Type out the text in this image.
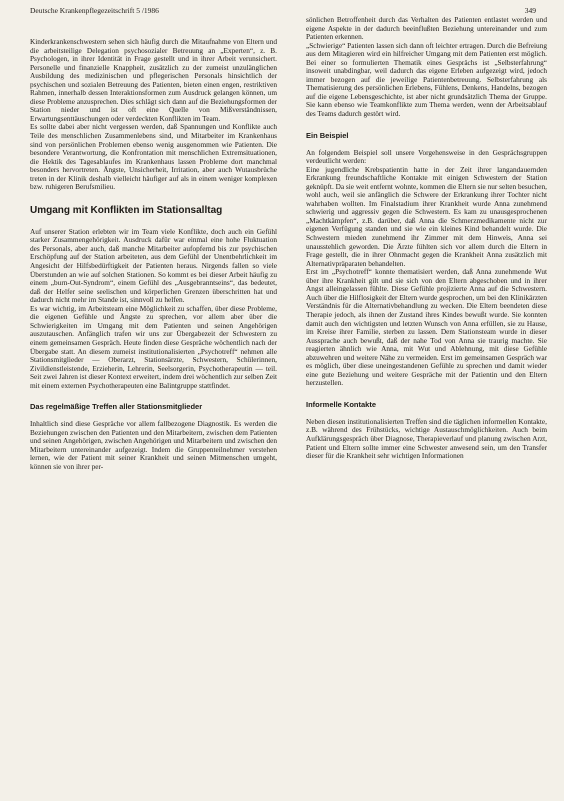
Deutsche Krankenpflegezeitschrift 5 /1986	349

Kinderkrankenschwestern sehen sich häufig durch die Mitaufnahme von Eltern und die arbeitsteilige Delegation psychosozialer Betreuung an „Experten“, z. B. Psychologen, in ihrer Identität in Frage gestellt und in ihrer Arbeit verunsichert. Personelle und finanzielle Knappheit, zusätzlich zu der zumeist unzulänglichen Ausbildung des medizinischen und pflegerischen Personals hinsichtlich der psychischen und sozialen Betreuung des Patienten, bieten einen engen, restriktiven Rahmen, innerhalb dessen Interaktionsformen zum Ausdruck gelangen können, um diese Probleme anzusprechen. Dies schlägt sich dann auf die Beziehungsformen der Station nieder und ist oft eine Quelle von Mißverständnissen, Erwartungsenttäuschungen oder verdeckten Konflikten im Team.

Es sollte dabei aber nicht vergessen werden, daß Spannungen und Konflikte auch Teile des menschlichen Zusammenlebens sind, und Mitarbeiter im Krankenhaus sind von persönlichen Problemen ebenso wenig ausgenommen wie Patienten. Die besondere Verantwortung, die Konfrontation mit menschlichen Extremsituationen, die Hektik des Tagesablaufes im Krankenhaus lassen Probleme dort manchmal besonders hervortreten. Ängste, Unsicherheit, Irritation, aber auch Wutausbrüche treten in der Klinik deshalb vielleicht häufiger auf als in einem weniger komplexen bzw. ruhigeren Berufsmilieu.

Umgang mit Konflikten im Stationsalltag

Auf unserer Station erlebten wir im Team viele Konflikte, doch auch ein Gefühl starker Zusammengehörigkeit. Ausdruck dafür war einmal eine hohe Fluktuation des Personals, aber auch, daß manche Mitarbeiter aufopfernd bis zur psychischen Erschöpfung auf der Station arbeiteten, aus dem Gefühl der Unentbehrlichkeit im Angesicht der Hilfsbedürftigkeit der Patienten heraus. Nirgends fallen so viele Überstunden an wie auf solchen Stationen. So kommt es bei dieser Arbeit häufig zu einem „burn-Out-Syndrom“, einem Gefühl des „Ausgebranntseins“, das bedeutet, daß der Helfer seine seelischen und körperlichen Grenzen überschritten hat und dadurch nicht mehr im Stande ist, sinnvoll zu helfen.

Es war wichtig, im Arbeitsteam eine Möglichkeit zu schaffen, über diese Probleme, die eigenen Gefühle und Ängste zu sprechen, vor allem aber über die Schwierigkeiten im Umgang mit dem Patienten und seinen Angehörigen auszutauschen. Anfänglich trafen wir uns zur Übergabezeit der Schwestern zu einem gemeinsamen Gespräch. Heute finden diese Gespräche wöchentlich nach der Übergabe statt. An diesem zumeist institutionalisierten „Psychotreff“ nehmen alle Stationsmitglieder — Oberarzt, Stationsärzte, Schwestern, Schülerinnen, Zivildienstleistende, Erzieherin, Lehrerin, Seelsorgerin, Psychotherapeutin — teil. Seit zwei Jahren ist dieser Kontext erweitert, indem drei wöchentlich zur selben Zeit mit einem externen Psychotherapeuten eine Balintgruppe stattfindet.

Das regelmäßige Treffen aller Stationsmitglieder

Inhaltlich sind diese Gespräche vor allem fallbezogene Diagnostik. Es werden die Beziehungen zwischen den Patienten und den Mitarbeitern, zwischen dem Patienten und seinen Angehörigen, zwischen Angehörigen und Mitarbeitern und zwischen den Mitarbeitern untereinander aufgezeigt. Indem die Gruppenteilnehmer verstehen lernen, wie der Patient mit seiner Krankheit und seinen Mitmenschen umgeht, können sie von ihrer per-

sönlichen Betroffenheit durch das Verhalten des Patienten entlastet werden und eigene Aspekte in der dadurch beeinflußten Beziehung untereinander und zum Patienten erkennen.

„Schwierige“ Patienten lassen sich dann oft leichter ertragen. Durch die Befreiung aus dem Mitagieren wird ein hilfreicher Umgang mit dem Patienten erst möglich. Bei einer so formulierten Thematik eines Gesprächs ist „Selbsterfahrung“ insoweit unabdingbar, weil dadurch das eigene Erleben aufgezeigt wird, jedoch immer bezogen auf die jeweilige Patientenbetreuung. Selbsterfahrung als Thematisierung des persönlichen Erlebens, Fühlens, Denkens, Handelns, bezogen auf die eigene Lebensgeschichte, ist aber nicht grundsätzlich Thema der Gruppe. Sie kann ebenso wie Teamkonflikte zum Thema werden, wenn der Arbeitsablauf des Teams dadurch gestört wird.

Ein Beispiel

An folgendem Beispiel soll unsere Vorgehensweise in den Gesprächsgruppen verdeutlicht werden:

Eine jugendliche Krebspatientin hatte in der Zeit ihrer langandauernden Erkrankung freundschaftliche Kontakte mit einigen Schwestern der Station geknüpft. Da sie weit entfernt wohnte, kommen die Eltern sie nur selten besuchen, wohl auch, weil sie anfänglich die Schwere der Erkrankung ihrer Tochter nicht wahrhaben wollten. Im Finalstadium ihrer Krankheit wurde Anna zunehmend schwierig und aggressiv gegen die Schwestern. Es kam zu unausgesprochenen „Machtkämpfen“, z.B. darüber, daß Anna die Schmerzmedikamente nicht zur eigenen Verfügung standen und sie wie ein kleines Kind behandelt wurde. Die Schwestern mieden zunehmend ihr Zimmer mit dem Hinweis, Anna sei unausstehlich geworden. Die Ärzte fühlten sich vor allem durch die Eltern in Frage gestellt, die in ihrer Ohnmacht gegen die Krankheit Anna zusätzlich mit Alternativpräparaten behandelten.

Erst im „Psychotreff“ konnte thematisiert werden, daß Anna zunehmende Wut über ihre Krankheit gilt und sie sich von den Eltern abgeschoben und in ihrer Angst alleingelassen fühlte. Diese Gefühle projizierte Anna auf die Schwestern. Auch über die Hilflosigkeit der Eltern wurde gesprochen, um bei den Klinikärzten Verständnis für die Alternativbehandlung zu wecken. Die Eltern beendeten diese Therapie jedoch, als ihnen der Zustand ihres Kindes bewußt wurde. Sie konnten damit auch den wichtigsten und letzten Wunsch von Anna erfüllen, sie zu Hause, im Kreise ihrer Familie, sterben zu lassen. Dem Stationsteam wurde in dieser Aussprache auch bewußt, daß der nahe Tod von Anna sie traurig machte. Sie reagierten ähnlich wie Anna, mit Wut und Ablehnung, mit diese Gefühle abzuwehren und weitere Nähe zu vermeiden. Erst im gemeinsamen Gespräch war es möglich, über diese uneingestandenen Gefühle zu sprechen und damit wieder eine gute Beziehung und weitere Gespräche mit der Patientin und den Eltern herzustellen.

Informelle Kontakte

Neben diesen institutionalisierten Treffen sind die täglichen informellen Kontakte, z.B. während des Frühstücks, wichtige Austauschmöglichkeiten. Auch beim Aufklärungsgespräch über Diagnose, Therapieverlauf und planung zwischen Arzt, Patient und Eltern sollte immer eine Schwester anwesend sein, um den Transfer dieser für die Krankheit sehr wichtigen Informationen
